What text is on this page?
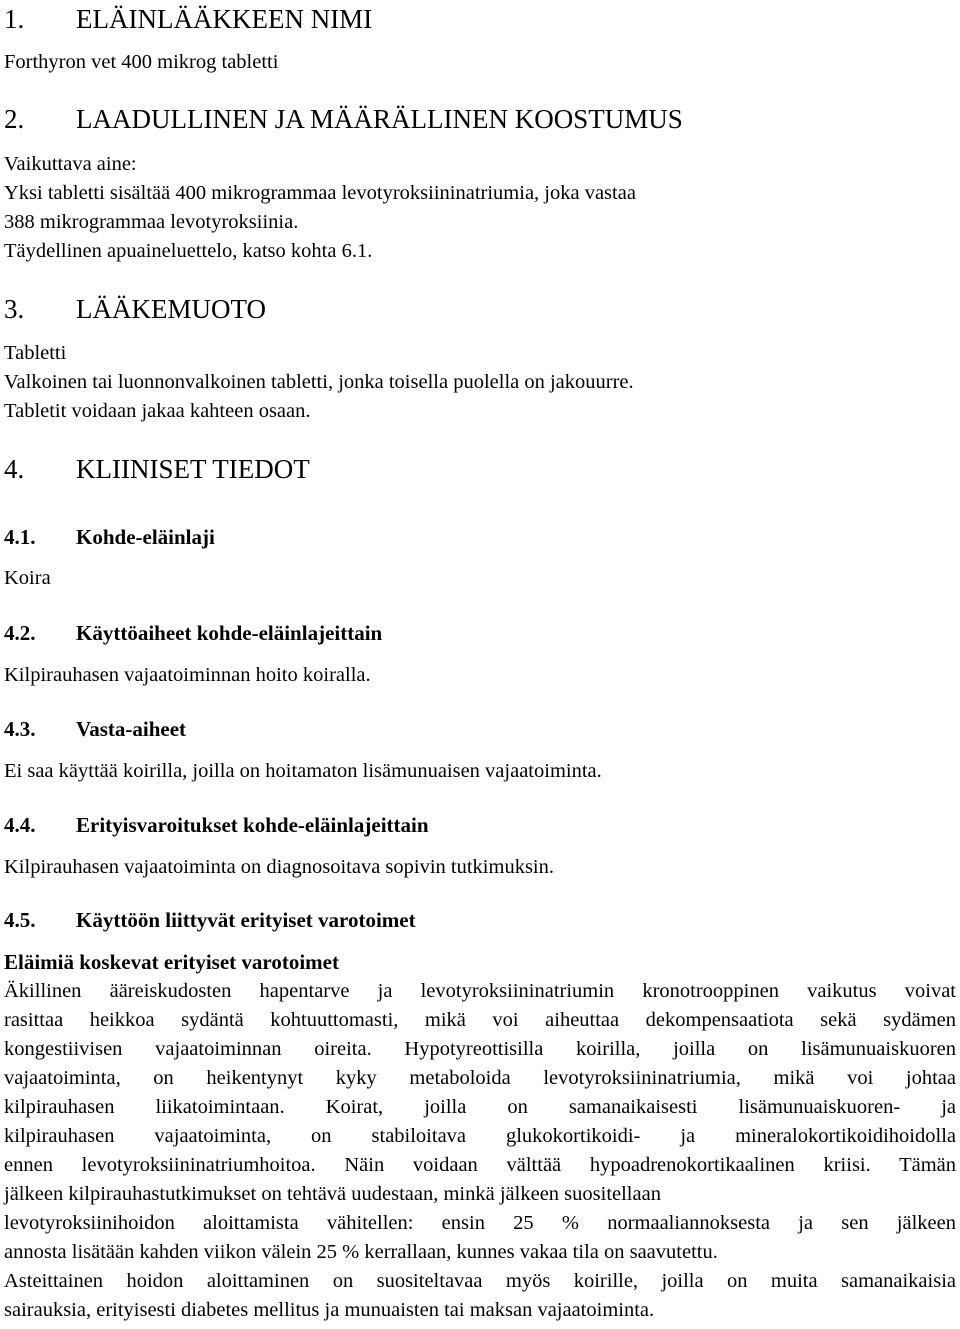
1. ELÄINLÄÄKKEEN NIMI
Forthyron vet 400 mikrog tabletti
2. LAADULLINEN JA MÄÄRÄLLINEN KOOSTUMUS
Vaikuttava aine:
Yksi tabletti sisältää 400 mikrogrammaa levotyroksiininatriumia, joka vastaa
388 mikrogrammaa levotyroksiinia.
Täydellinen apuaineluettelo, katso kohta 6.1.
3. LÄÄKEMUOTO
Tabletti
Valkoinen tai luonnonvalkoinen tabletti, jonka toisella puolella on jakouurre.
Tabletit voidaan jakaa kahteen osaan.
4. KLIINISET TIEDOT
4.1. Kohde-eläinlaji
Koira
4.2. Käyttöaiheet kohde-eläinlajeittain
Kilpirauhasen vajaatoiminnan hoito koiralla.
4.3. Vasta-aiheet
Ei saa käyttää koirilla, joilla on hoitamaton lisämunuaisen vajaatoiminta.
4.4. Erityisvaroitukset kohde-eläinlajeittain
Kilpirauhasen vajaatoiminta on diagnosoitava sopivin tutkimuksin.
4.5. Käyttöön liittyvät erityiset varotoimet
Eläimiä koskevat erityiset varotoimet
Äkillinen ääreiskudosten hapentarve ja levotyroksiininatriumin kronotrooppinen vaikutus voivat
rasittaa heikkoa sydäntä kohtuuttomasti, mikä voi aiheuttaa dekompensaatiota sekä sydämen
kongestiivisen vajaatoiminnan oireita. Hypotyreottisilla koirilla, joilla on lisämunuaiskuoren
vajaatoiminta, on heikentynyt kyky metaboloida levotyroksiininatriumia, mikä voi johtaa
kilpirauhasen liikatoimintaan. Koirat, joilla on samanaikaisesti lisämunuaiskuoren- ja
kilpirauhasen vajaatoiminta, on stabiloitava glukokortikoidi- ja mineralokortikoidihoidolla
ennen levotyroksiininatriumhoitoa. Näin voidaan välttää hypoadrenokortikaalinen kriisi. Tämän
jälkeen kilpirauhastutkimukset on tehtävä uudestaan, minkä jälkeen suositellaan
levotyroksiinihoidon aloittamista vähitellen: ensin 25 % normaaliannoksesta ja sen jälkeen
annosta lisätään kahden viikon välein 25 % kerrallaan, kunnes vakaa tila on saavutettu.
Asteittainen hoidon aloittaminen on suositeltavaa myös koirille, joilla on muita samanaikaisia
sairauksia, erityisesti diabetes mellitus ja munuaisten tai maksan vajaatoiminta.
